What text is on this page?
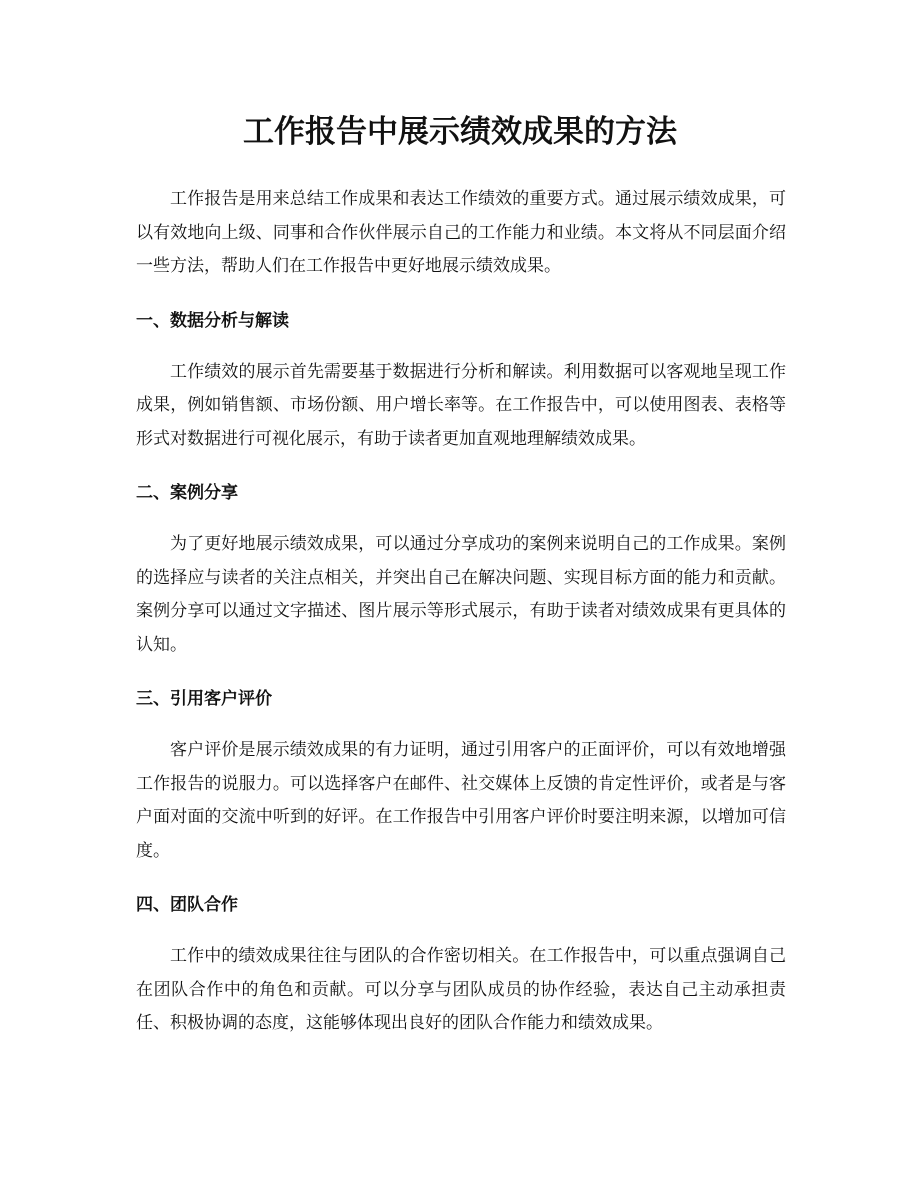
工作报告中展示绩效成果的方法

工作报告是用来总结工作成果和表达工作绩效的重要方式。通过展示绩效成果，可以有效地向上级、同事和合作伙伴展示自己的工作能力和业绩。本文将从不同层面介绍一些方法，帮助人们在工作报告中更好地展示绩效成果。

一、数据分析与解读

工作绩效的展示首先需要基于数据进行分析和解读。利用数据可以客观地呈现工作成果，例如销售额、市场份额、用户增长率等。在工作报告中，可以使用图表、表格等形式对数据进行可视化展示，有助于读者更加直观地理解绩效成果。

二、案例分享

为了更好地展示绩效成果，可以通过分享成功的案例来说明自己的工作成果。案例的选择应与读者的关注点相关，并突出自己在解决问题、实现目标方面的能力和贡献。案例分享可以通过文字描述、图片展示等形式展示，有助于读者对绩效成果有更具体的认知。

三、引用客户评价

客户评价是展示绩效成果的有力证明，通过引用客户的正面评价，可以有效地增强工作报告的说服力。可以选择客户在邮件、社交媒体上反馈的肯定性评价，或者是与客户面对面的交流中听到的好评。在工作报告中引用客户评价时要注明来源，以增加可信度。

四、团队合作

工作中的绩效成果往往与团队的合作密切相关。在工作报告中，可以重点强调自己在团队合作中的角色和贡献。可以分享与团队成员的协作经验，表达自己主动承担责任、积极协调的态度，这能够体现出良好的团队合作能力和绩效成果。
